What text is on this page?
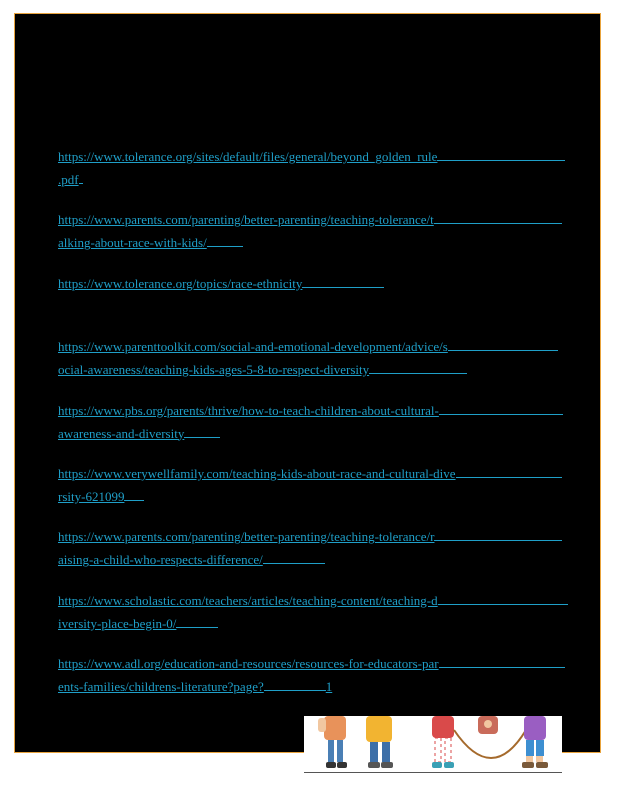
https://www.tolerance.org/sites/default/files/general/beyond_golden_rule
.pdf
https://www.parents.com/parenting/better-parenting/teaching-tolerance/t
alking-about-race-with-kids/
https://www.tolerance.org/topics/race-ethnicity
https://www.parenttoolkit.com/social-and-emotional-development/advice/s
ocial-awareness/teaching-kids-ages-5-8-to-respect-diversity
https://www.pbs.org/parents/thrive/how-to-teach-children-about-cultural-
awareness-and-diversity
https://www.verywellfamily.com/teaching-kids-about-race-and-cultural-dive
rsity-621099
https://www.parents.com/parenting/better-parenting/teaching-tolerance/r
aising-a-child-who-respects-difference/
https://www.scholastic.com/teachers/articles/teaching-content/teaching-d
iversity-place-begin-0/
https://www.adl.org/education-and-resources/resources-for-educators-par
ents-families/childrens-literature?page?	1
